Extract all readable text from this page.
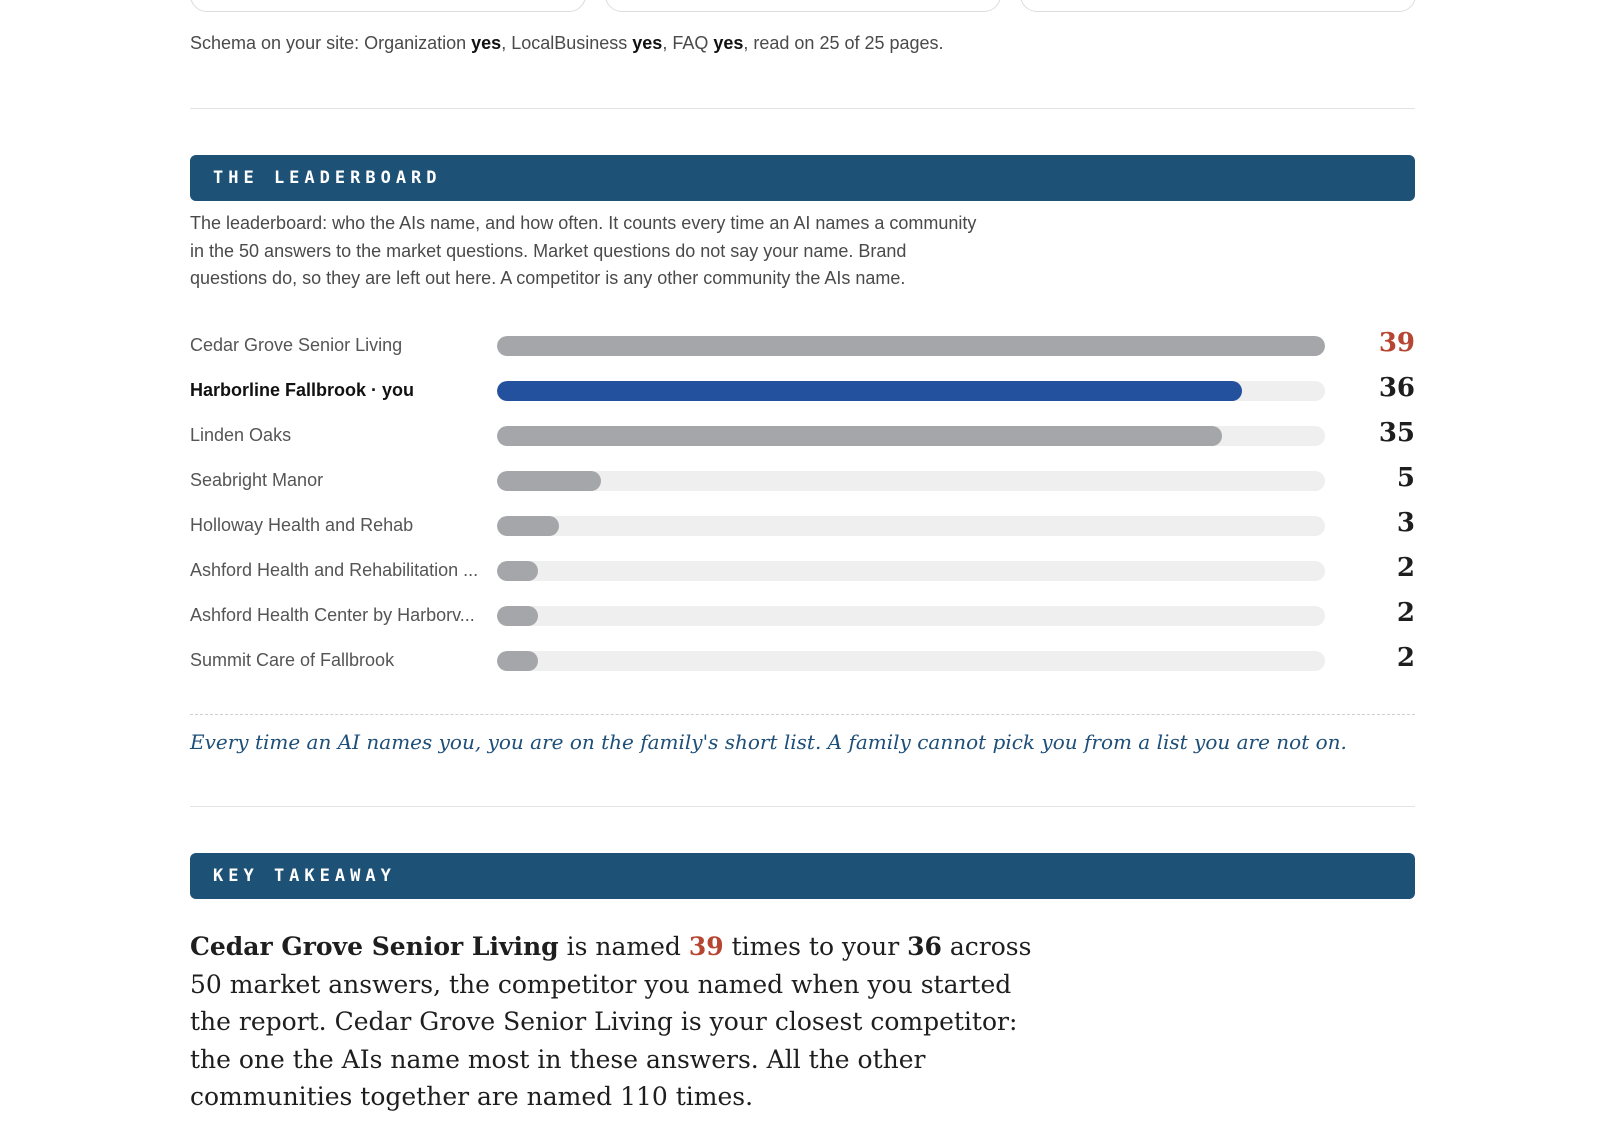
Schema on your site: Organization yes, LocalBusiness yes, FAQ yes, read on 25 of 25 pages.
THE LEADERBOARD
The leaderboard: who the AIs name, and how often. It counts every time an AI names a community in the 50 answers to the market questions. Market questions do not say your name. Brand questions do, so they are left out here. A competitor is any other community the AIs name.
Cedar Grove Senior Living	39
Harborline Fallbrook · you	36
Linden Oaks	35
Seabright Manor	5
Holloway Health and Rehab	3
Ashford Health and Rehabilitation ...	2
Ashford Health Center by Harborv...	2
Summit Care of Fallbrook	2
Every time an AI names you, you are on the family's short list. A family cannot pick you from a list you are not on.
KEY TAKEAWAY
Cedar Grove Senior Living is named 39 times to your 36 across 50 market answers, the competitor you named when you started the report. Cedar Grove Senior Living is your closest competitor: the one the AIs name most in these answers. All the other communities together are named 110 times.
